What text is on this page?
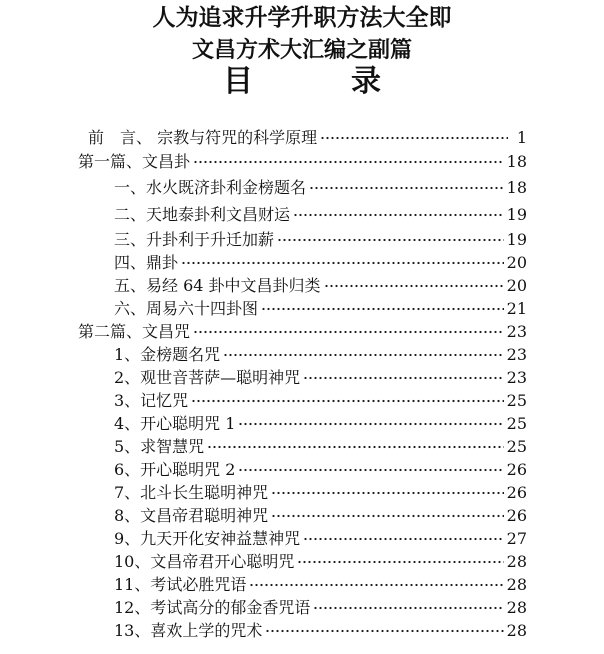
人为追求升学升职方法大全即
文昌方术大汇编之副篇
目	录
前　言、 宗教与符咒的科学原理	1
第一篇、文昌卦	18
一、水火既济卦利金榜题名	18
二、天地泰卦利文昌财运	19
三、升卦利于升迁加薪	19
四、鼎卦	20
五、易经 64 卦中文昌卦归类	20
六、周易六十四卦图	21
第二篇、文昌咒	23
1、金榜题名咒	23
2、观世音菩萨—聪明神咒	23
3、记忆咒	25
4、开心聪明咒 1	25
5、求智慧咒	25
6、开心聪明咒 2	26
7、北斗长生聪明神咒	26
8、文昌帝君聪明神咒	26
9、九天开化安神益慧神咒	27
10、文昌帝君开心聪明咒	28
11、考试必胜咒语	28
12、考试高分的郁金香咒语	28
13、喜欢上学的咒术	28
